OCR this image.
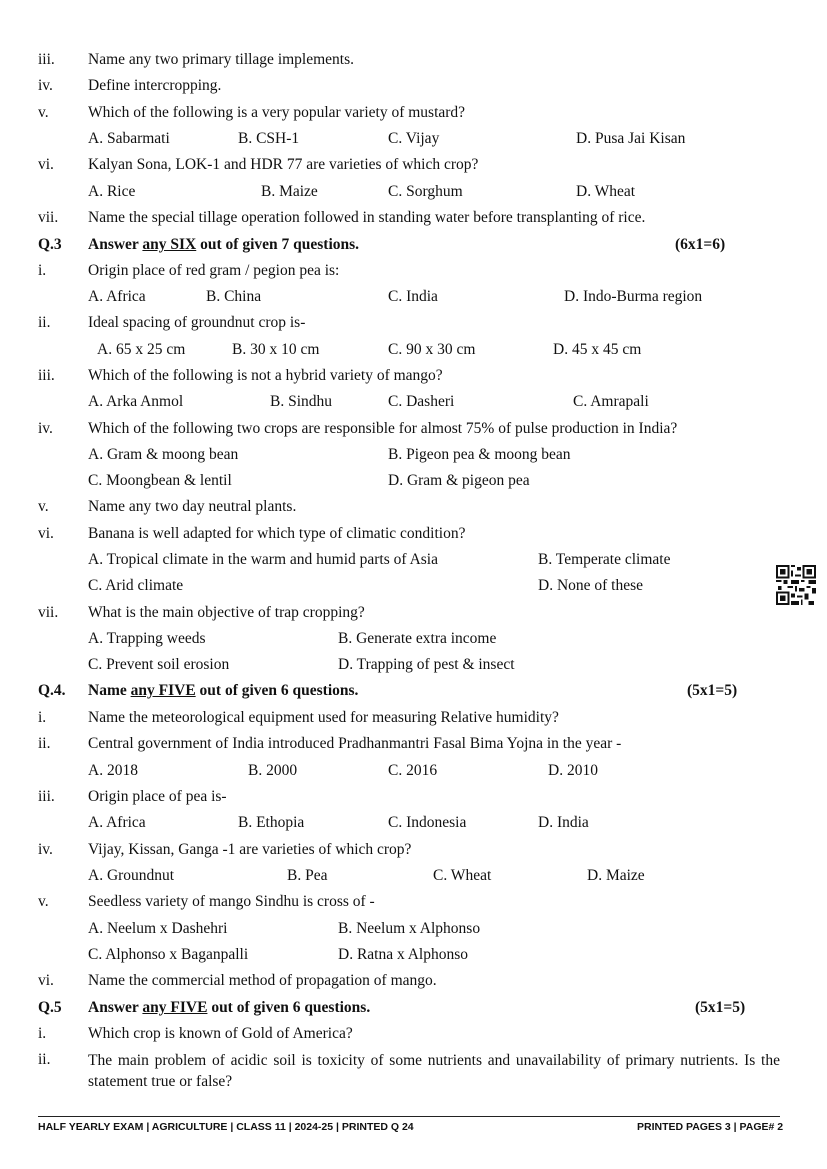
iii. Name any two primary tillage implements.
iv. Define intercropping.
v.	Which of the following is a very popular variety of mustard?
A. Sabarmati	B. CSH-1	C. Vijay	D. Pusa Jai Kisan
vi. Kalyan Sona, LOK-1 and HDR 77 are varieties of which crop?
A. Rice	B. Maize	C. Sorghum	D. Wheat
vii. Name the special tillage operation followed in standing water before transplanting of rice.
Q.3 Answer any SIX out of given 7 questions.	(6x1=6)
i.	Origin place of red gram / pegion pea is:
A. Africa	B. China	C. India	D. Indo-Burma region
ii. Ideal spacing of groundnut crop is-
A. 65 x 25 cm	B. 30 x 10 cm	C. 90 x 30 cm	D. 45 x 45 cm
iii. Which of the following is not a hybrid variety of mango?
A. Arka Anmol	B. Sindhu	C. Dasheri	C. Amrapali
iv. Which of the following two crops are responsible for almost 75% of pulse production in India?
A. Gram & moong bean	B. Pigeon pea & moong bean
C. Moongbean & lentil	D. Gram & pigeon pea
v.	Name any two day neutral plants.
vi. Banana is well adapted for which type of climatic condition?
A. Tropical climate in the warm and humid parts of Asia	B. Temperate climate
C. Arid climate	D. None of these
vii. What is the main objective of trap cropping?
A. Trapping weeds	B. Generate extra income
C. Prevent soil erosion	D. Trapping of pest & insect
Q.4. Name any FIVE out of given 6 questions.	(5x1=5)
i.	Name the meteorological equipment used for measuring Relative humidity?
ii. Central government of India introduced Pradhanmantri Fasal Bima Yojna in the year -
A. 2018	B. 2000	C. 2016	D. 2010
iii. Origin place of pea is-
A. Africa	B. Ethopia	C. Indonesia	D. India
iv. Vijay, Kissan, Ganga -1 are varieties of which crop?
A. Groundnut	B. Pea	C. Wheat	D. Maize
v.	Seedless variety of mango Sindhu is cross of -
A. Neelum x Dashehri	B. Neelum x Alphonso
C. Alphonso x Baganpalli	D. Ratna x Alphonso
vi. Name the commercial method of propagation of mango.
Q.5 Answer any FIVE out of given 6 questions.	(5x1=5)
i.	Which crop is known of Gold of America?
ii. The main problem of acidic soil is toxicity of some nutrients and unavailability of primary nutrients. Is the statement true or false?
HALF YEARLY EXAM | AGRICULTURE | CLASS 11 | 2024-25 | PRINTED Q 24	PRINTED PAGES 3 | PAGE# 2
